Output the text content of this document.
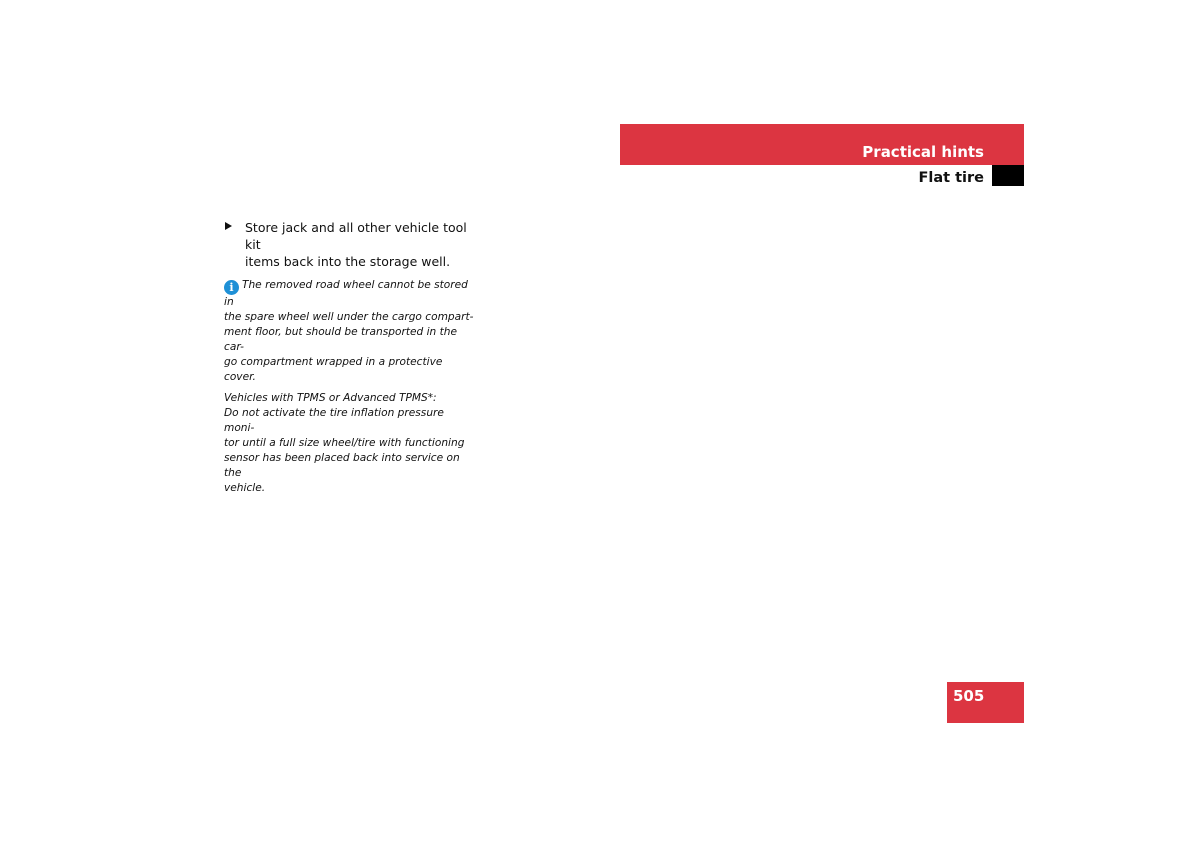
Practical hints
Flat tire
Store jack and all other vehicle tool kit
items back into the storage well.

i The removed road wheel cannot be stored in

the spare wheel well under the cargo compart-

ment floor, but should be transported in the car-

go compartment wrapped in a protective cover.

Vehicles with TPMS or Advanced TPMS*:

Do not activate the tire inflation pressure moni-

tor until a full size wheel/tire with functioning

sensor has been placed back into service on the

vehicle.

505
